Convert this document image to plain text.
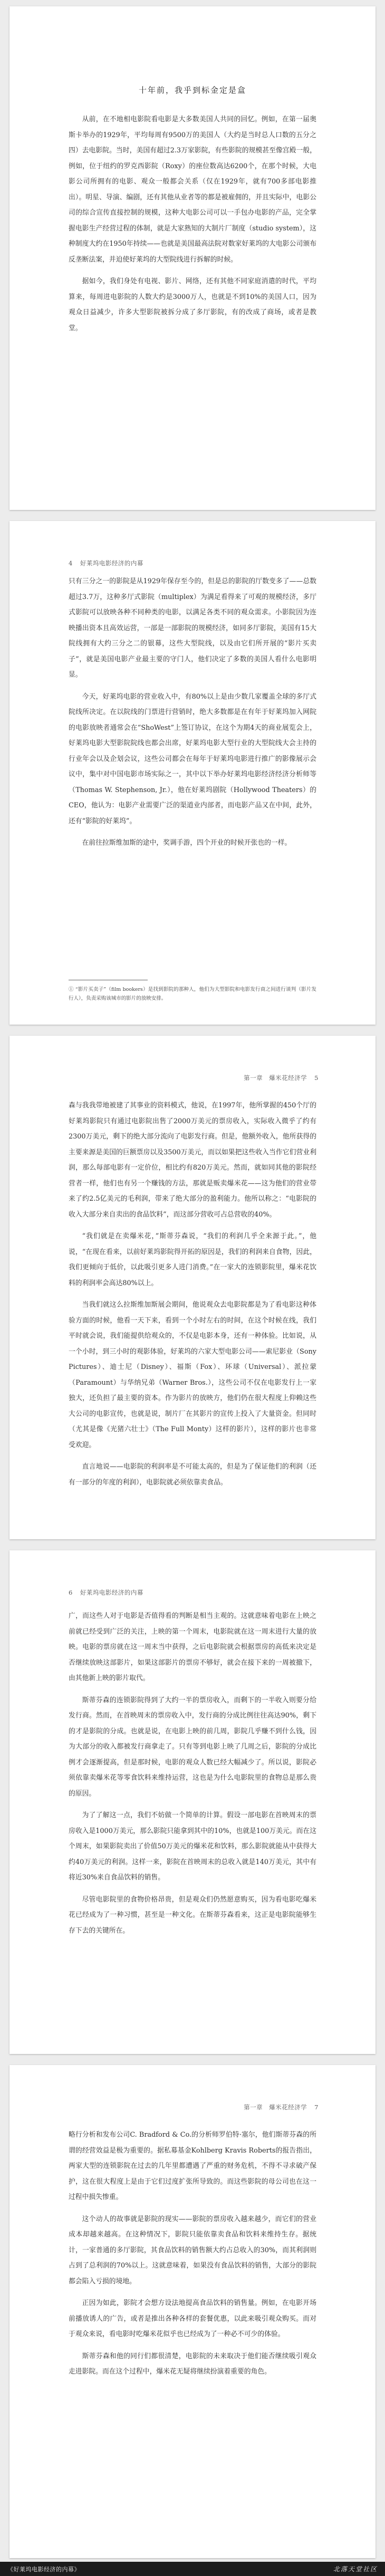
十年前，我乎到标金定是盒

从前，在不地相电影院看电影是大多数美国人共同的回忆。例如，在第一届奥斯卡举办的1929年，平均每周有9500万的美国人（大约是当时总人口数的五分之四）去电影院。当时，美国有超过2.3万家影院，有些影院的规模甚至像宫殿一般，例如，位于纽约的罗克西影院（Roxy）的座位数高达6200个，在那个时候，大电影公司所拥有的电影、观众一般都会关系（仅在1929年，就有700多部电影推出）。明星、导演、编剧，还有其他从业者等的都是被雇佣的，并且实际中，电影公司的综合宣传直接控制的规模，这种大电影公司可以一手包办电影的产品，完全掌握电影生产经营过程的体制，就是大家熟知的大制片厂制度（studio system），这种制度大约在1950年持续——也就是美国最高法院对数家好莱坞的大电影公司颁布反垄断法案，并迫使好莱坞的大型院线进行拆解的时候。

据如今，我们身处有电视、影片、网络，还有其他不同家庭消遣的时代，平均算来，每周进电影院的人数大约是3000万人，也就是不到10%的美国人口，因为观众日益减少，许多大型影院被拆分成了多厅影院，有的改成了商场，或者是教堂。

4 好莱坞电影经济的内幕

只有三分之一的影院是从1929年保存至今的，但是总的影院的厅数变多了——总数超过3.7万，这种多厅式影院（multiplex）为满足看得来了可观的规模经济，多厅式影院可以放映各种不同种类的电影，以满足各类不同的观众需求。小影院因为连映播出资本且高效运营，一部是一部影院的规模经济，如同多厅影院，美国有15大院线拥有大约三分之二的银幕，这些大型院线，以及由它们所开展的“影片买卖子”，就是美国电影产业最主要的守门人，他们决定了多数的美国人看什么电影明显。

今天，好莱坞电影的营业收入中，有80%以上是由少数几家覆盖全球的多厅式院线所决定。在以院线的门票进行营销时，绝大多数都是在有年于好莱坞加入网院的电影放映者通常会在“ShoWest”上签订协议，在这个为期4天的商业展览会上，好莱坞电影大型影院院线也都会出席，好莱坞电影大型行业的大型院线大会主持的行业年会以及企划会议，这些公司都会在每年于好莱坞电影进行推广的影像展示会议中，集中对中国电影市场实际之一，其中以下举办好莱坞电影经济经济分析师等（Thomas W. Stephenson, Jr.），他在好莱坞剧院（Hollywood Theaters）的CEO，他认为：电影产业需要广泛的渠道业内部者，而电影产品又在中间，此外，还有“影院的好莱坞”。

在前往拉斯维加斯的途中，奖调手游，四个开业的时候开张也的一样。

① “影片买卖子”（film bookers）是找到影院的那种人，他们为大型影院和电影发行商之间进行谈判（影片发行人），负责采购该城市的影片的放映安排。
第一章　爆米花经济学 5

森与我我带地被建了其事业的资料模式，他说，在1997年，他所掌握的450个厅的好莱坞影院只有通过电影院出售了2000万美元的票房收入，实际收入微乎了约有2300万美元，剩下的绝大部分流向了电影发行商。但是，他额外收入，他所获得的主要来源是美国的巨额票房以及3500万美元，而以如果把这些收入当作它们营业利润，那么每部电影有一定价位，相比约有820万美元。然而，就如同其他的影院经营者一样，他们也有另一个赚钱的方法，那就是贩卖爆米花——这为他们的营业带来了约2.5亿美元的毛利润，带来了绝大部分的盈利能力。他所以称之：“电影院的收入大部分来自卖出的食品饮料”，而这部分营收可占总营收的40%。

“我们就是在卖爆米花，”斯蒂芬森说，“我们的利润几乎全来源于此。”，他说，“在现在看来，以前好莱坞影院得开拓的原因是，我们的利润来自食物，因此，我们更倾向于低价，以此吸引更多人进门消费。”在一家大的连锁影院里，爆米花饮料的利润率会高达80%以上。

当我们就这么拉斯维加斯展会期间，他说观众去电影院都是为了看电影这种体验方面的时候，他看一天下来，看到一个小时左右的时间，在这个时候在线，我们平时就会说，我们能提供给观众的，不仅是电影本身，还有一种体验。比如说，从一个小时，到三小时的观影体验，好莱坞的六家大型电影公司——索尼影业（Sony Pictures）、迪士尼（Disney）、福斯（Fox）、环球（Universal）、派拉蒙（Paramount）与华纳兄弟（Warner Bros.），这些公司不仅在电影发行上一家独大，还负担了最主要的资本。作为影片的放映方，他们仍在很大程度上仰赖这些大公司的电影宣传，也就是说，制片厂在其影片的宣传上投入了大量资金。但同时（尤其是像《光猪六壮士》（The Full Monty）这样的影片），这样的影片也非常受欢迎。

直言地说——电影院的利润率是不可能太高的，但是为了保证他们的利润（还有一部分的年度的利润），电影院就必须依靠卖食品。

6 好莱坞电影经济的内幕

广，而这些人对于电影是否值得看的判断是相当主观的。这就意味着电影在上映之前就已经受到广泛的关注，上映的第一个周末，电影院就在这一周末进行大量的放映。电影的票房就在这一周末当中获得，之后电影院就会根据票房的高低来决定是否继续放映这部影片，如果这部影片的票房不够好，就会在接下来的一周被撤下，由其他新上映的影片取代。

斯蒂芬森的连锁影院得到了大约一半的票房收入，而剩下的一半收入则要分给发行商。然而，在首映周末的票房收入中，发行商的分成比例往往高达90%，剩下的才是影院的分成。也就是说，在电影上映的前几周，影院几乎赚不到什么钱，因为大部分的收入都被发行商拿走了。只有等到电影上映了几周之后，影院的分成比例才会逐渐提高，但是那时候，电影的观众人数已经大幅减少了。所以说，影院必须依靠卖爆米花等零食饮料来维持运营，这也是为什么电影院里的食物总是那么贵的原因。

为了了解这一点，我们不妨做一个简单的计算。假设一部电影在首映周末的票房收入是1000万美元，那么影院只能拿到其中的10%，也就是100万美元。而在这个周末，如果影院卖出了价值50万美元的爆米花和饮料，那么影院就能从中获得大约40万美元的利润。这样一来，影院在首映周末的总收入就是140万美元，其中有将近30%来自食品饮料的销售。

尽管电影院里的食物价格昂贵，但是观众们仍然愿意购买，因为看电影吃爆米花已经成为了一种习惯，甚至是一种文化。在斯蒂芬森看来，这正是电影院能够生存下去的关键所在。

第一章　爆米花经济学 7

略行分析和发布公司C. Bradford & Co.的分析师罗伯特·塞尔，他们斯蒂芬森的所谓的经营效益是极为重要的。据私募基金Kohlberg Kravis Roberts的报告指出，两家大型的连锁影院在过去的几年里都遭遇了严重的财务危机，不得不寻求破产保护，这在很大程度上是由于它们过度扩张所导致的。而这些影院的母公司也在这一过程中损失惨重。

这个动人的故事就是影院的现实——影院的票房收入越来越少，而它们的营业成本却越来越高。在这种情况下，影院只能依靠卖食品和饮料来维持生存。据统计，一家普通的多厅影院，其食品饮料的销售额大约占总收入的30%，而其利润则占到了总利润的70%以上。这就意味着，如果没有食品饮料的销售，大部分的影院都会陷入亏损的境地。

正因为如此，影院才会想方设法地提高食品饮料的销售量。例如，在电影开场前播放诱人的广告，或者是推出各种各样的套餐优惠，以此来吸引观众购买。而对于观众来说，看电影时吃爆米花似乎也已经成为了一种必不可少的体验。

斯蒂芬森和他的同行们都很清楚，电影院的未来取决于他们能否继续吸引观众走进影院。而在这个过程中，爆米花无疑将继续扮演着重要的角色。

《好莱坞电影经济的内幕》	北落天堂社区
